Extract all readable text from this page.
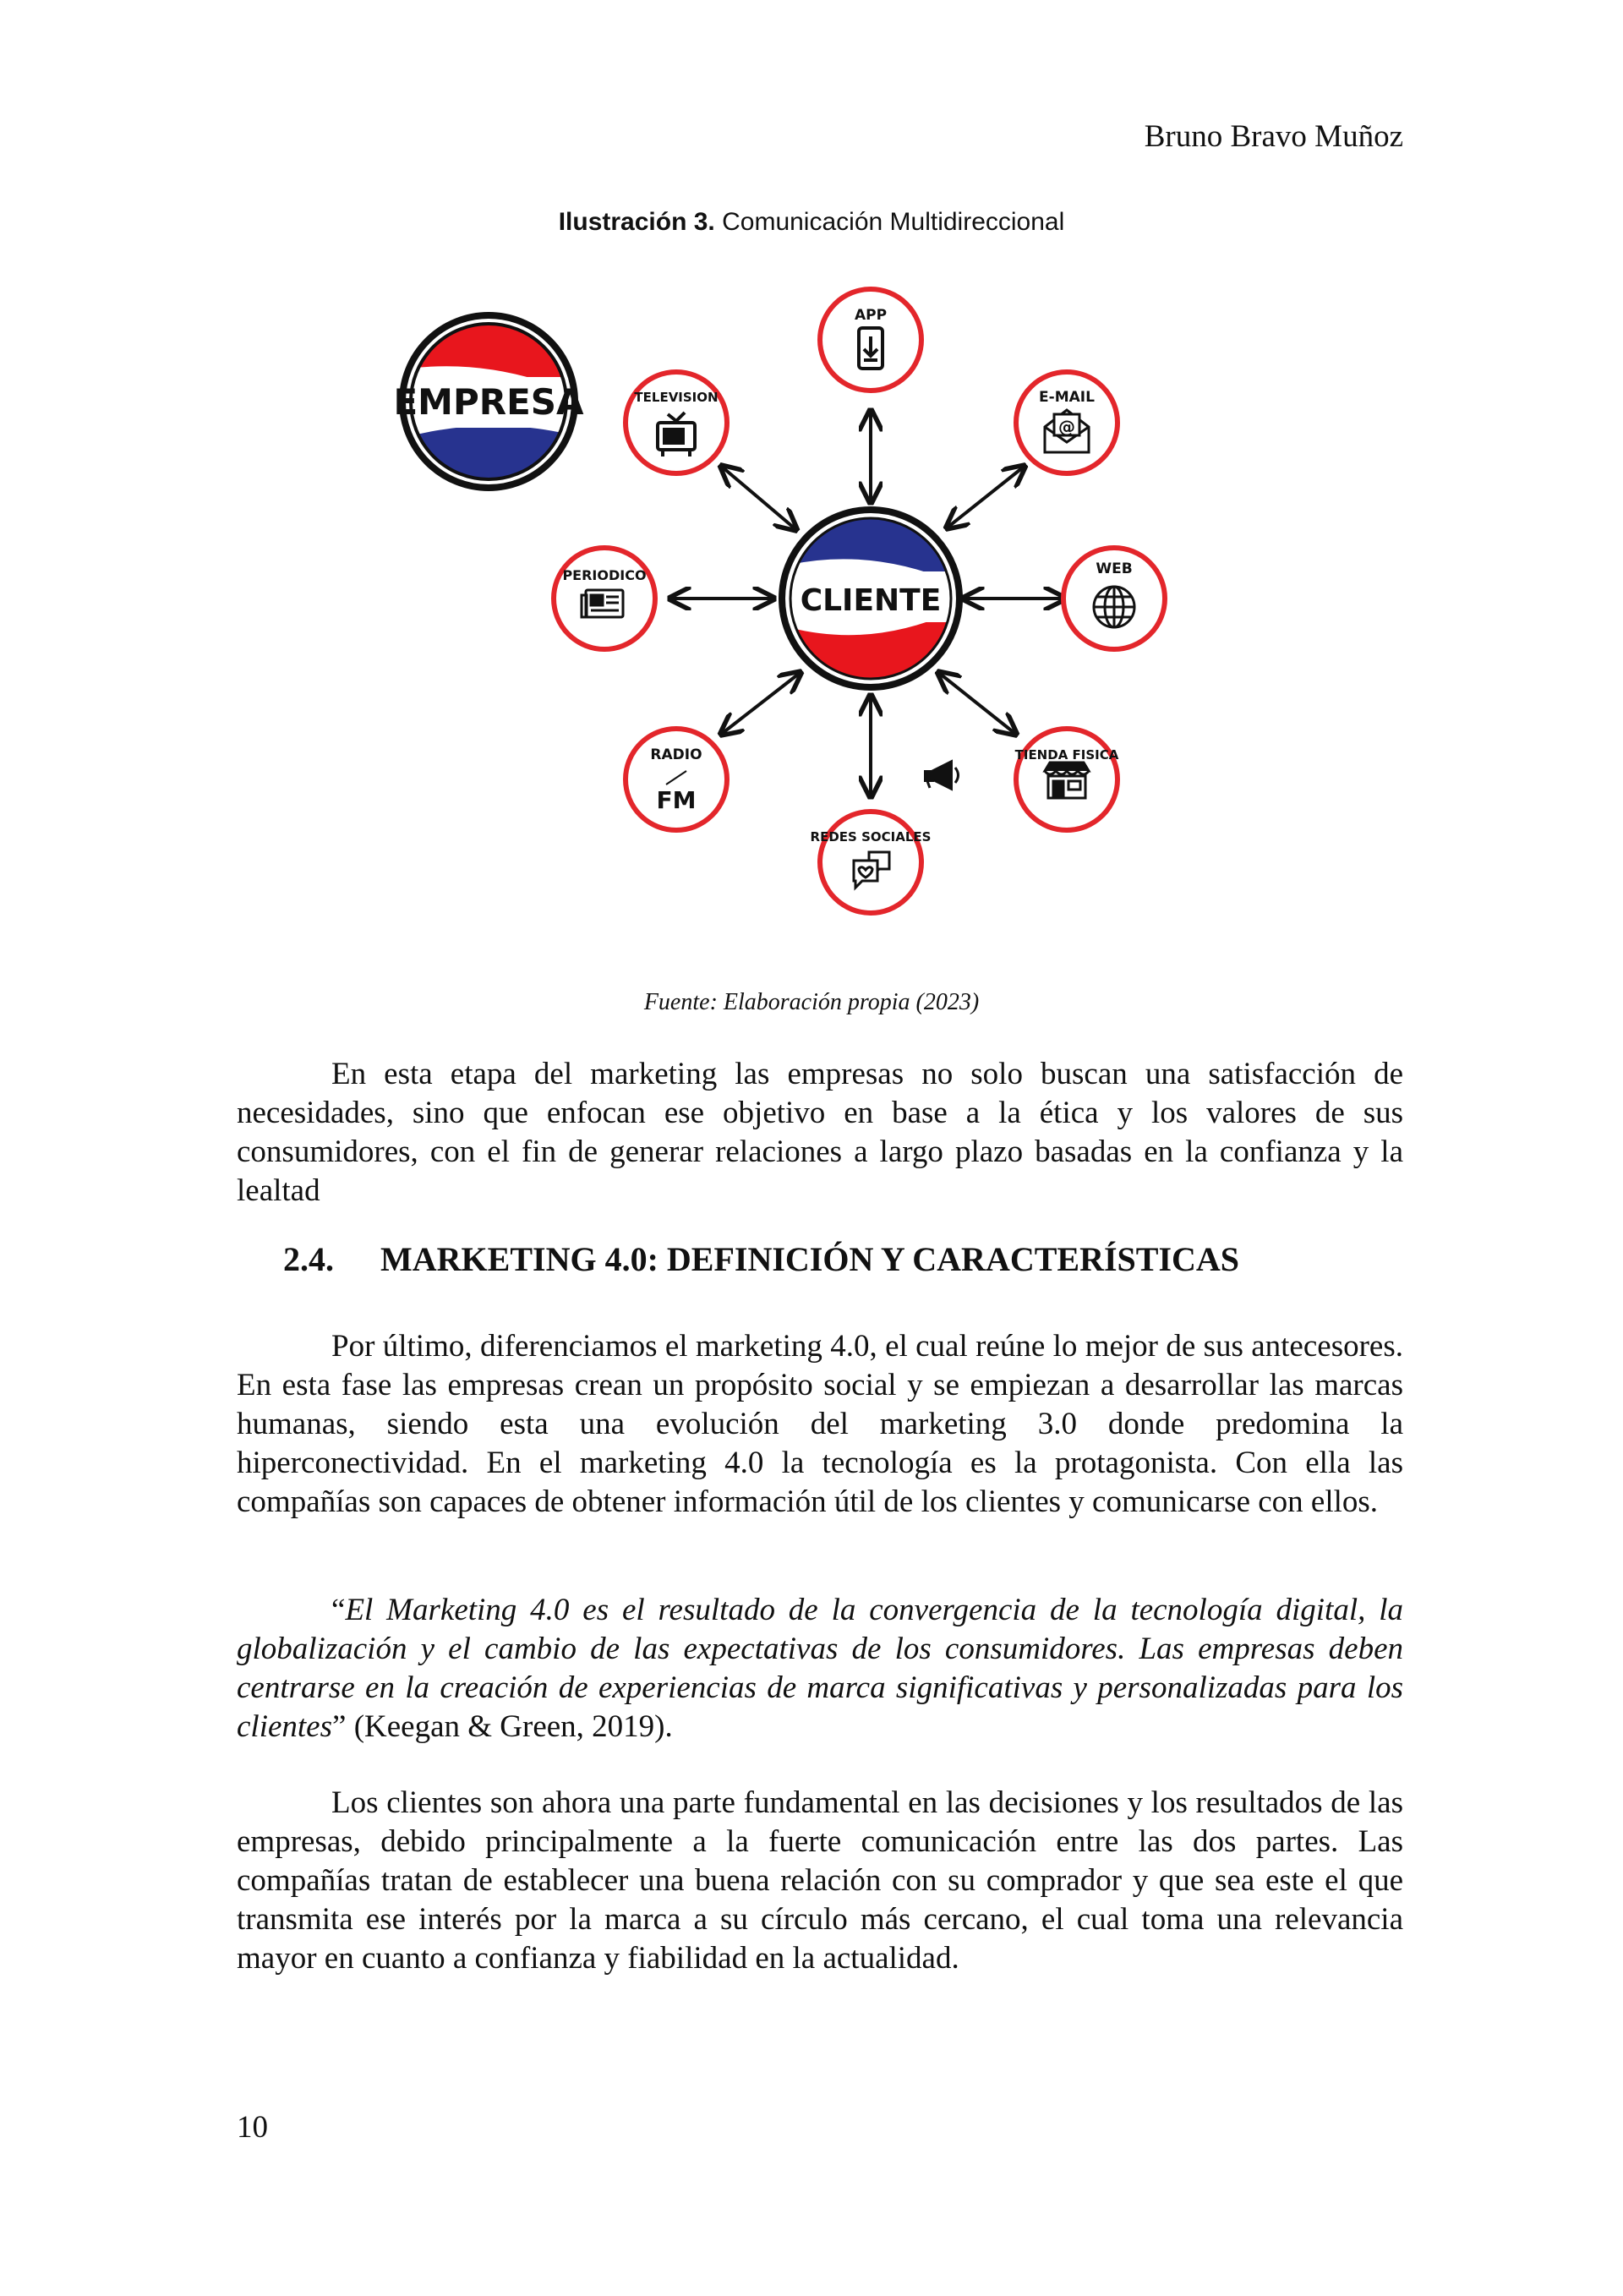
Bruno Bravo Muñoz
Ilustración 3. Comunicación Multidireccional
EMPRESA
CLIENTE
APP
E-MAIL
@
TELEVISION
WEB
PERIODICO
TIENDA FISICA
RADIO
FM
REDES SOCIALES
Fuente: Elaboración propia (2023)

En esta etapa del marketing las empresas no solo buscan una satisfacción de necesidades, sino que enfocan ese objetivo en base a la ética y los valores de sus consumidores, con el fin de generar relaciones a largo plazo basadas en la confianza y la lealtad

2.4. MARKETING 4.0: DEFINICIÓN Y CARACTERÍSTICAS

Por último, diferenciamos el marketing 4.0, el cual reúne lo mejor de sus antecesores. En esta fase las empresas crean un propósito social y se empiezan a desarrollar las marcas humanas, siendo esta una evolución del marketing 3.0 donde predomina la hiperconectividad. En el marketing 4.0 la tecnología es la protagonista. Con ella las compañías son capaces de obtener información útil de los clientes y comunicarse con ellos.

“El Marketing 4.0 es el resultado de la convergencia de la tecnología digital, la globalización y el cambio de las expectativas de los consumidores. Las empresas deben centrarse en la creación de experiencias de marca significativas y personalizadas para los clientes” (Keegan & Green, 2019).

Los clientes son ahora una parte fundamental en las decisiones y los resultados de las empresas, debido principalmente a la fuerte comunicación entre las dos partes. Las compañías tratan de establecer una buena relación con su comprador y que sea este el que transmita ese interés por la marca a su círculo más cercano, el cual toma una relevancia mayor en cuanto a confianza y fiabilidad en la actualidad.

10
